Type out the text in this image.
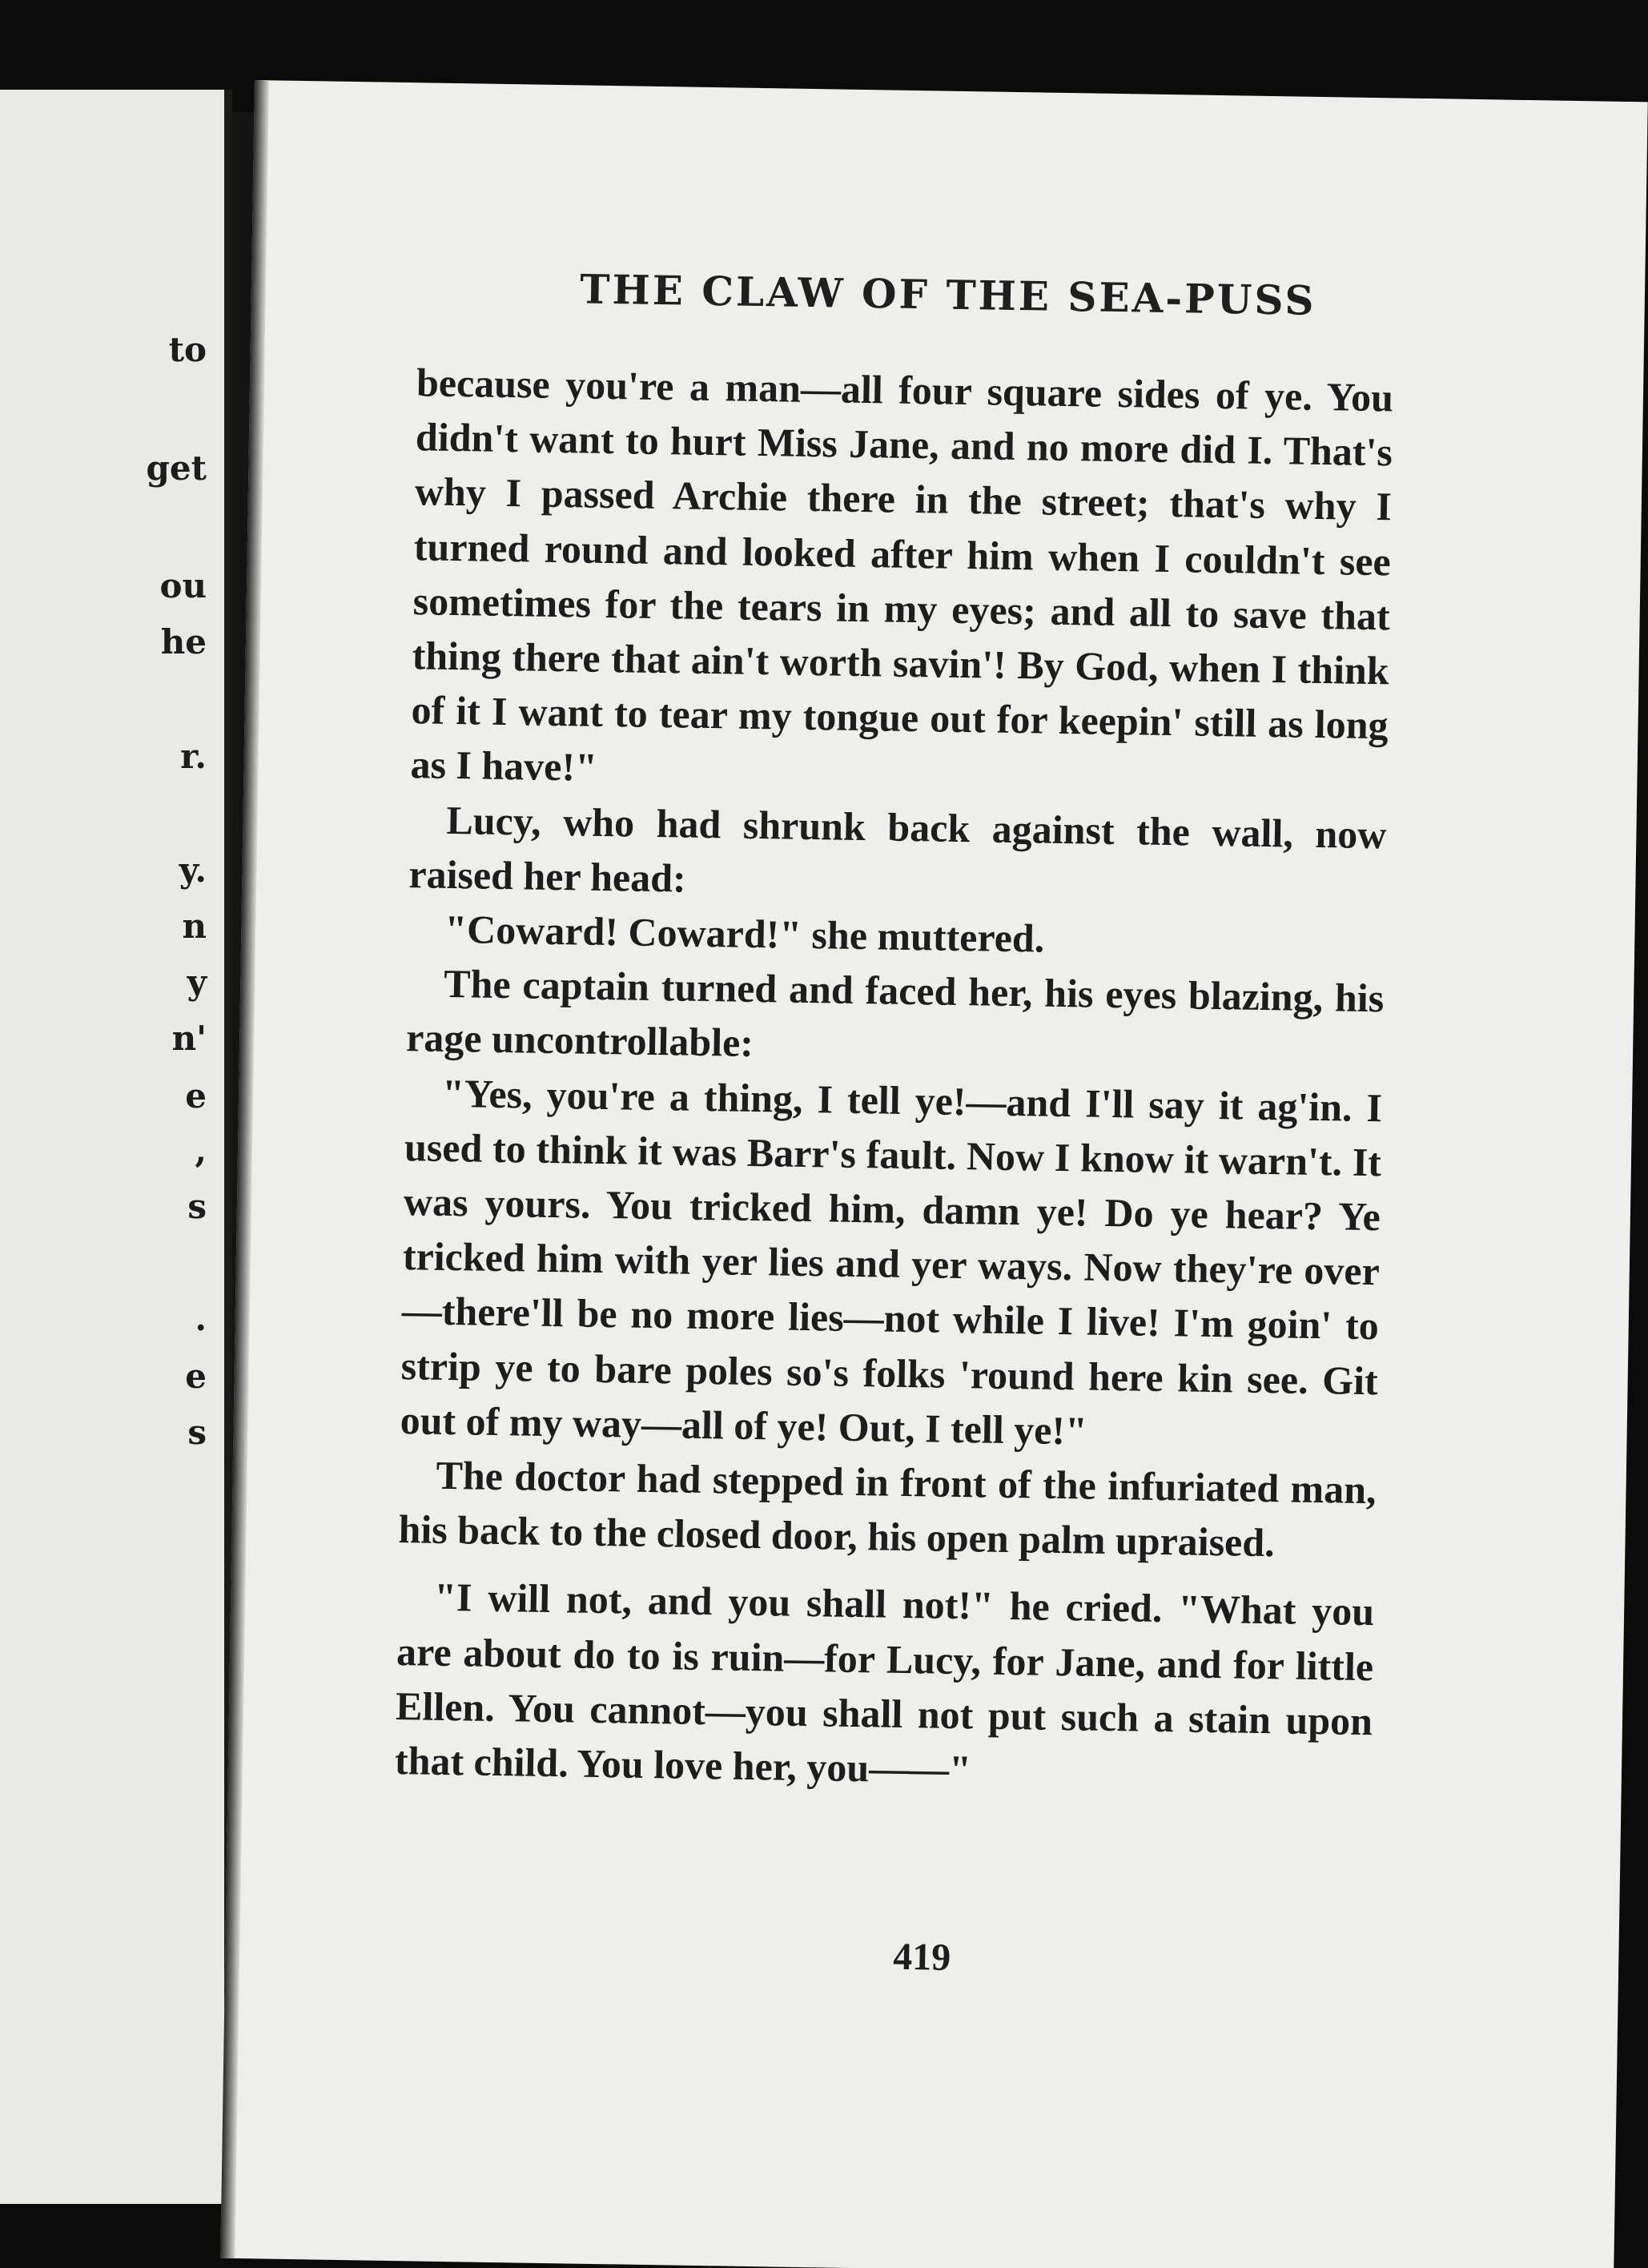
to
get
ou
he
r.
y.
n
y
n'
e
,
s
.
e
s
THE CLAW OF THE SEA-PUSS

because you're a man—all four square sides of ye. You didn't want to hurt Miss Jane, and no more did I. That's why I passed Archie there in the street; that's why I turned round and looked after him when I couldn't see sometimes for the tears in my eyes; and all to save that thing there that ain't worth savin'! By God, when I think of it I want to tear my tongue out for keepin' still as long as I have!"

Lucy, who had shrunk back against the wall, now raised her head:

"Coward! Coward!" she muttered.

The captain turned and faced her, his eyes blazing, his rage uncontrollable:

"Yes, you're a thing, I tell ye!—and I'll say it ag'in. I used to think it was Barr's fault. Now I know it warn't. It was yours. You tricked him, damn ye! Do ye hear? Ye tricked him with yer lies and yer ways. Now they're over—there'll be no more lies—not while I live! I'm goin' to strip ye to bare poles so's folks 'round here kin see. Git out of my way—all of ye! Out, I tell ye!"

The doctor had stepped in front of the infuriated man, his back to the closed door, his open palm upraised.

"I will not, and you shall not!" he cried. "What you are about do to is ruin—for Lucy, for Jane, and for little Ellen. You cannot—you shall not put such a stain upon that child. You love her, you——"

419
